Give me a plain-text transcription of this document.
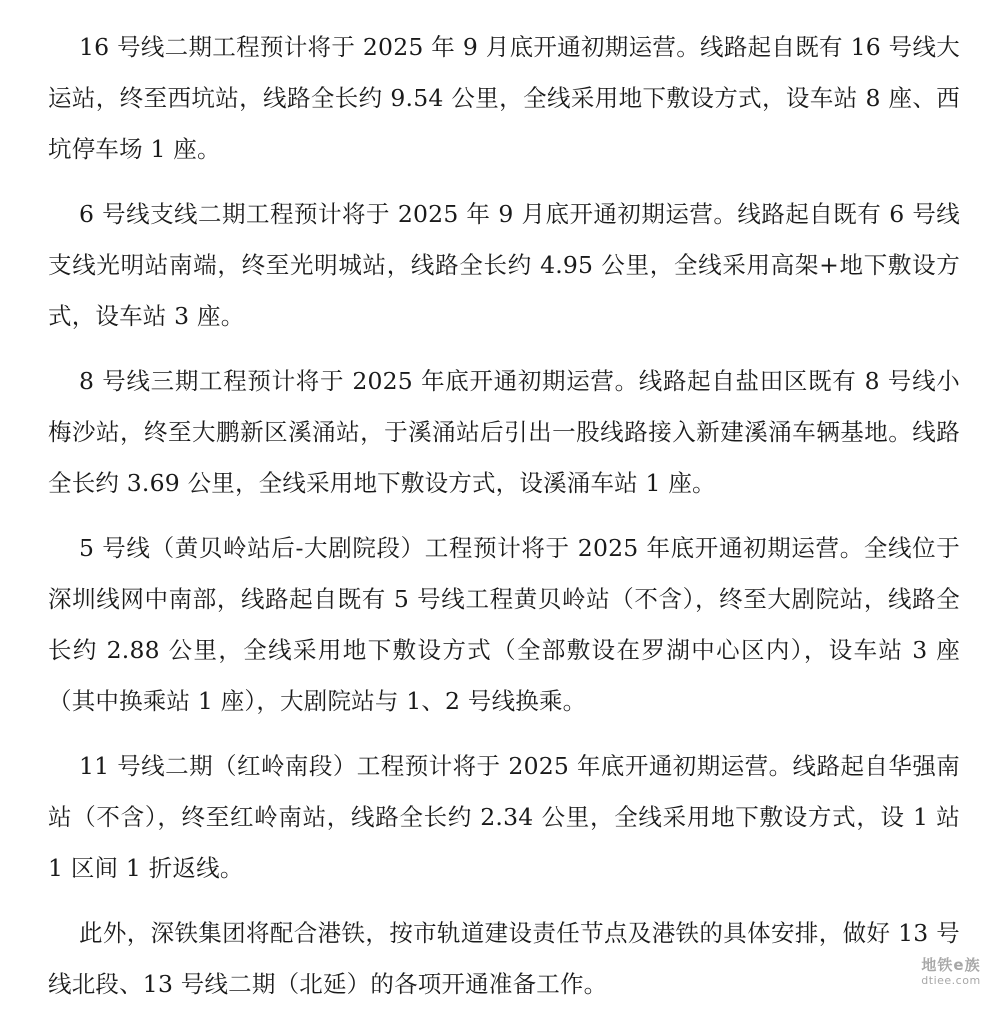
16 号线二期工程预计将于 2025 年 9 月底开通初期运营。线路起自既有 16 号线大运站，终至西坑站，线路全长约 9.54 公里，全线采用地下敷设方式，设车站 8 座、西坑停车场 1 座。

6 号线支线二期工程预计将于 2025 年 9 月底开通初期运营。线路起自既有 6 号线支线光明站南端，终至光明城站，线路全长约 4.95 公里，全线采用高架+地下敷设方式，设车站 3 座。

8 号线三期工程预计将于 2025 年底开通初期运营。线路起自盐田区既有 8 号线小梅沙站，终至大鹏新区溪涌站，于溪涌站后引出一股线路接入新建溪涌车辆基地。线路全长约 3.69 公里，全线采用地下敷设方式，设溪涌车站 1 座。

5 号线（黄贝岭站后-大剧院段）工程预计将于 2025 年底开通初期运营。全线位于深圳线网中南部，线路起自既有 5 号线工程黄贝岭站（不含），终至大剧院站，线路全长约 2.88 公里，全线采用地下敷设方式（全部敷设在罗湖中心区内），设车站 3 座（其中换乘站 1 座），大剧院站与 1、2 号线换乘。

11 号线二期（红岭南段）工程预计将于 2025 年底开通初期运营。线路起自华强南站（不含），终至红岭南站，线路全长约 2.34 公里，全线采用地下敷设方式，设 1 站 1 区间 1 折返线。

此外，深铁集团将配合港铁，按市轨道建设责任节点及港铁的具体安排，做好 13 号线北段、13 号线二期（北延）的各项开通准备工作。

地铁e族
dtiee.com
